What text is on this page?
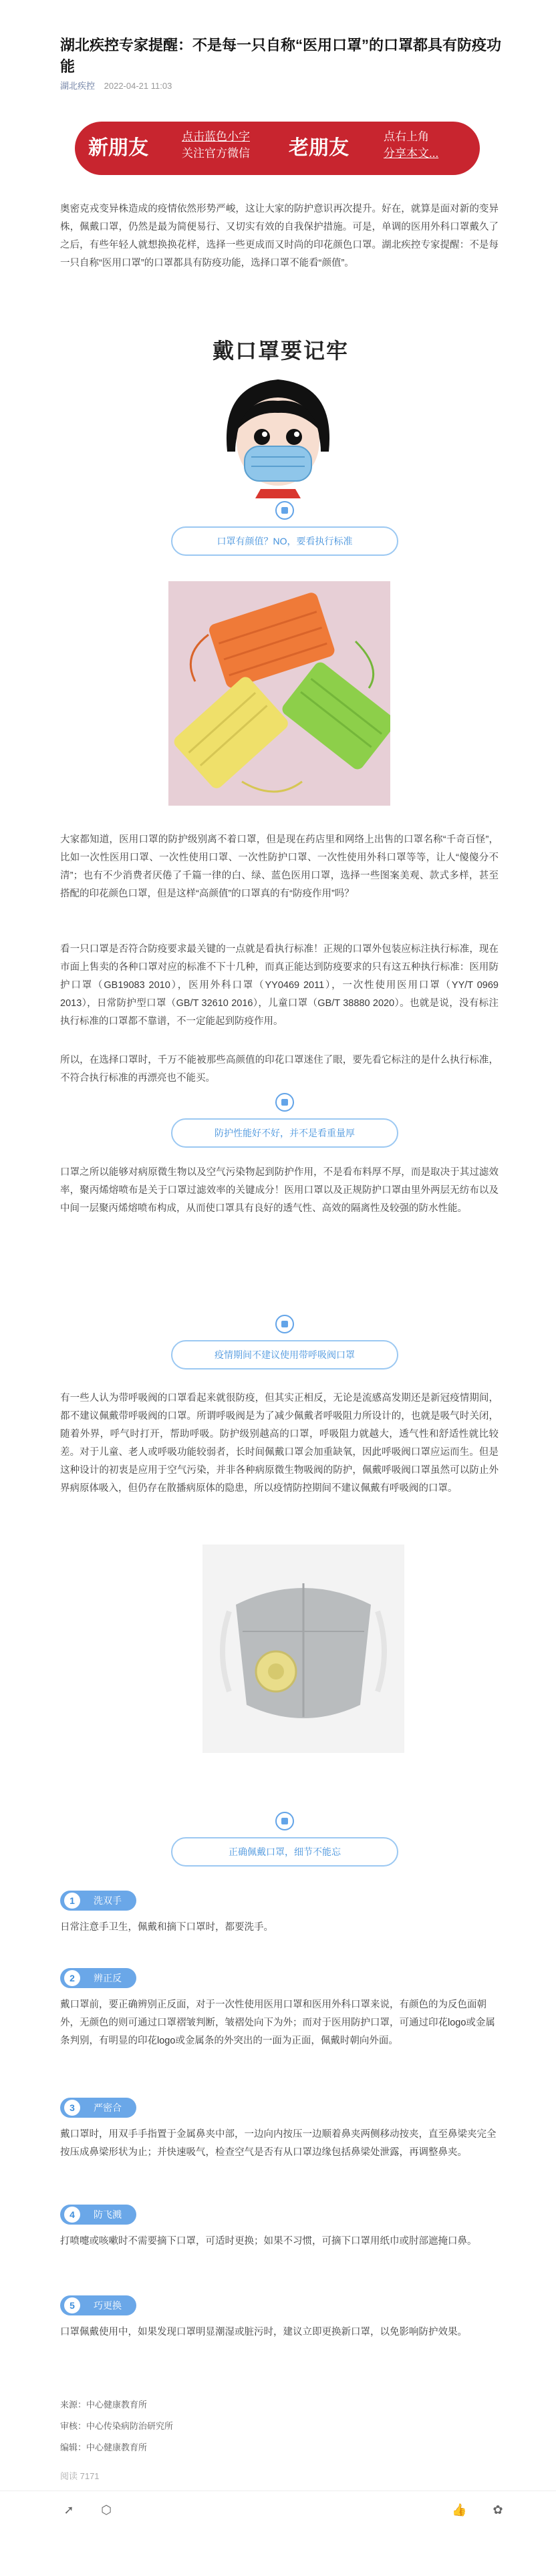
湖北疾控专家提醒：不是每一只自称“医用口罩”的口罩都具有防疫功能
湖北疾控 2022-04-21 11:03
新朋友
点击蓝色小字
关注官方微信	老朋友
点右上角
分享本文...
奥密克戎变异株造成的疫情依然形势严峻，这让大家的防护意识再次提升。好在，就算是面对新的变异株，佩戴口罩，仍然是最为简便易行、又切实有效的自我保护措施。可是，单调的医用外科口罩戴久了之后，有些年轻人就想换换花样，选择一些更成而又时尚的印花颜色口罩。湖北疾控专家提醒：不是每一只自称“医用口罩”的口罩都具有防疫功能，选择口罩不能看“颜值”。
戴口罩要记牢
口罩有颜值？NO，要看执行标准
大家都知道，医用口罩的防护级别离不着口罩，但是现在药店里和网络上出售的口罩名称“千奇百怪”，比如一次性医用口罩、一次性使用口罩、一次性防护口罩、一次性使用外科口罩等等，让人“傻傻分不清”；也有不少消费者厌倦了千篇一律的白、绿、蓝色医用口罩，选择一些图案美观、款式多样，甚至搭配的印花颜色口罩，但是这样“高颜值”的口罩真的有“防疫作用”吗？
看一只口罩是否符合防疫要求最关键的一点就是看执行标准！正规的口罩外包装应标注执行标准，现在市面上售卖的各种口罩对应的标准不下十几种，而真正能达到防疫要求的只有这五种执行标准：医用防护口罩（GB19083 2010），医用外科口罩（YY0469 2011），一次性使用医用口罩（YY/T 0969 2013），日常防护型口罩（GB/T 32610 2016），儿童口罩（GB/T 38880 2020）。也就是说，没有标注执行标准的口罩都不靠谱，不一定能起到防疫作用。
所以，在选择口罩时，千万不能被那些高颜值的印花口罩迷住了眼，要先看它标注的是什么执行标准，不符合执行标准的再漂亮也不能买。
防护性能好不好，并不是看重量厚
口罩之所以能够对病原微生物以及空气污染物起到防护作用，不是看布料厚不厚，而是取决于其过滤效率，聚丙烯熔喷布是关于口罩过滤效率的关键成分！医用口罩以及正规防护口罩由里外两层无纺布以及中间一层聚丙烯熔喷布构成，从而使口罩具有良好的透气性、高效的隔离性及较强的防水性能。
疫情期间不建议使用带呼吸阀口罩
有一些人认为带呼吸阀的口罩看起来就很防疫，但其实正相反，无论是流感高发期还是新冠疫情期间，都不建议佩戴带呼吸阀的口罩。所谓呼吸阀是为了减少佩戴者呼吸阻力所设计的，也就是吸气时关闭，随着外界，呼气时打开，帮助呼吸。防护级别越高的口罩，呼吸阻力就越大，透气性和舒适性就比较差。对于儿童、老人或呼吸功能较弱者，长时间佩戴口罩会加重缺氧，因此呼吸阀口罩应运而生。但是这种设计的初衷是应用于空气污染，并非各种病原微生物吸阀的防护，佩戴呼吸阀口罩虽然可以防止外界病原体吸入，但仍存在散播病原体的隐患，所以疫情防控期间不建议佩戴有呼吸阀的口罩。
正确佩戴口罩，细节不能忘
1	洗双手
日常注意手卫生，佩戴和摘下口罩时，都要洗手。
2	辨正反
戴口罩前，要正确辨别正反面，对于一次性使用医用口罩和医用外科口罩来说，有颜色的为反色面朝外，无颜色的则可通过口罩褶皱判断，皱褶处向下为外；而对于医用防护口罩，可通过印花logo或金属条判别，有明显的印花logo或金属条的外突出的一面为正面，佩戴时朝向外面。
3	严密合
戴口罩时，用双手手指置于金属鼻夹中部，一边向内按压一边顺着鼻夹两侧移动按夹，直至鼻梁夹完全按压成鼻梁形状为止；并快速吸气，检查空气是否有从口罩边缘包括鼻梁处泄露，再调整鼻夹。
4	防飞溅
打喷嚏或咳嗽时不需要摘下口罩，可适时更换；如果不习惯，可摘下口罩用纸巾或肘部遮掩口鼻。
5	巧更换
口罩佩戴使用中，如果发现口罩明显潮湿或脏污时，建议立即更换新口罩，以免影响防护效果。
来源：中心健康教育所
审核：中心传染病防治研究所
编辑：中心健康教育所
阅读 7171
➚ ⬡	👍 ✿
